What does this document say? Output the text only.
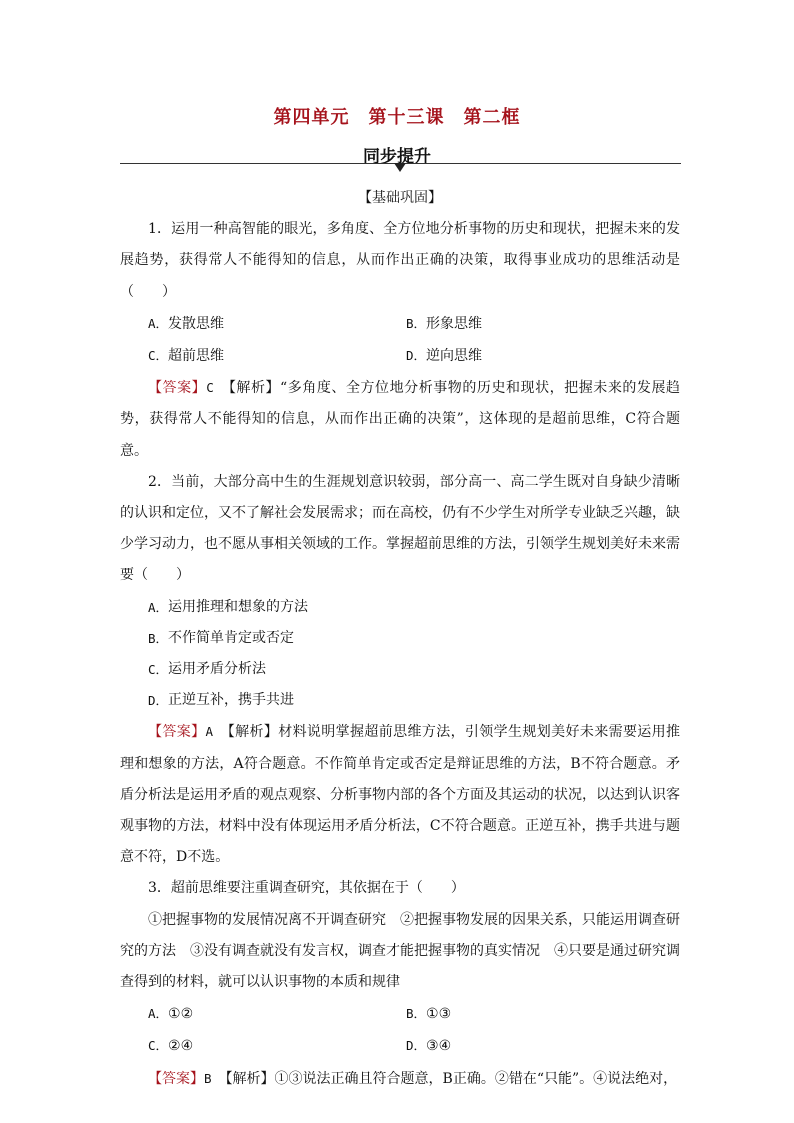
第四单元　第十三课　第二框
同步提升
【基础巩固】
1．运用一种高智能的眼光，多角度、全方位地分析事物的历史和现状，把握未来的发展趋势，获得常人不能得知的信息，从而作出正确的决策，取得事业成功的思维活动是（　　）
A．发散思维	B．形象思维
C．超前思维	D．逆向思维
【答案】C　 【解析】“多角度、全方位地分析事物的历史和现状，把握未来的发展趋势，获得常人不能得知的信息，从而作出正确的决策”，这体现的是超前思维，C符合题意。
2．当前，大部分高中生的生涯规划意识较弱，部分高一、高二学生既对自身缺少清晰的认识和定位，又不了解社会发展需求；而在高校，仍有不少学生对所学专业缺乏兴趣，缺少学习动力，也不愿从事相关领域的工作。掌握超前思维的方法，引领学生规划美好未来需要（　　）
A． 运用推理和想象的方法
B． 不作简单肯定或否定
C． 运用矛盾分析法
D． 正逆互补，携手共进
【答案】A　 【解析】材料说明掌握超前思维方法，引领学生规划美好未来需要运用推理和想象的方法，A符合题意。不作简单肯定或否定是辩证思维的方法，B不符合题意。矛盾分析法是运用矛盾的观点观察、分析事物内部的各个方面及其运动的状况，以达到认识客观事物的方法，材料中没有体现运用矛盾分析法，C不符合题意。正逆互补，携手共进与题意不符，D不选。
3．超前思维要注重调查研究，其依据在于（　　）
①把握事物的发展情况离不开调查研究　②把握事物发展的因果关系，只能运用调查研究的方法　③没有调查就没有发言权，调查才能把握事物的真实情况　④只要是通过研究调查得到的材料，就可以认识事物的本质和规律
A．①②	B．①③
C．②④	D．③④
【答案】B　 【解析】①③说法正确且符合题意，B正确。②错在“只能”。④说法绝对，
